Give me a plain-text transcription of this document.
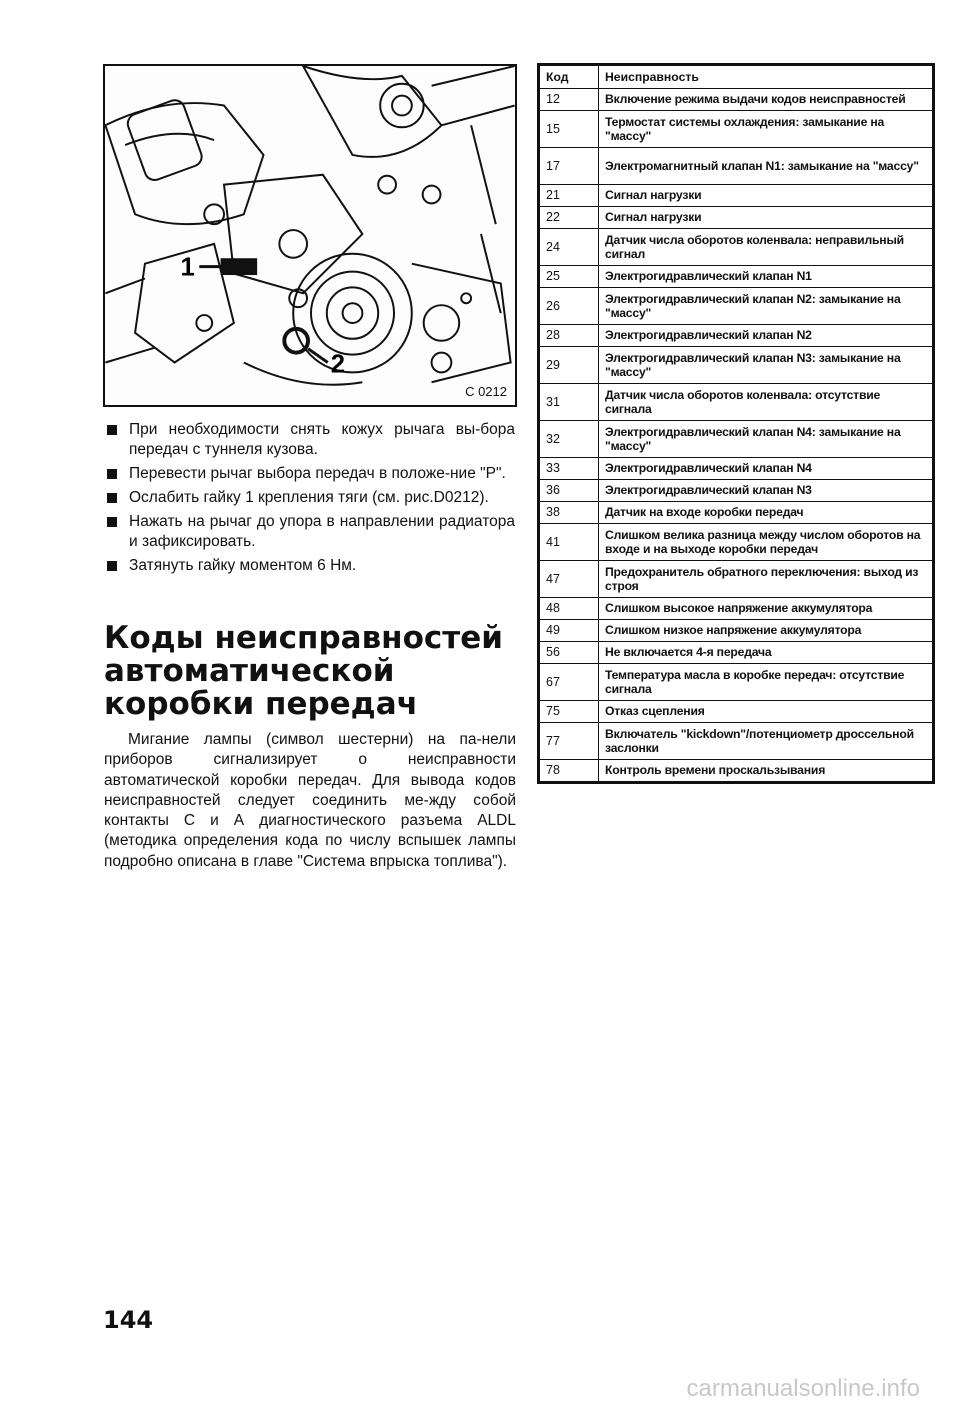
1
2
C 0212
При необходимости снять кожух рычага вы-бора передач с туннеля кузова.
Перевести рычаг выбора передач в положе-ние "P".
Ослабить гайку 1 крепления тяги (см. рис.D0212).
Нажать на рычаг до упора в направлении радиатора и зафиксировать.
Затянуть гайку моментом 6 Нм.
Коды неисправностей
автоматической
коробки передач

Мигание лампы (символ шестерни) на па-нели приборов сигнализирует о неисправности автоматической коробки передач. Для вывода кодов неисправностей следует соединить ме-жду собой контакты С и А диагностического разъема ALDL (методика определения кода по числу вспышек лампы подробно описана в главе "Система впрыска топлива").

144
Код	Неисправность
12	Включение режима выдачи кодов неисправностей
15	Термостат системы охлаждения: замыкание на "массу"
17	Электромагнитный клапан N1: замыкание на "массу"
21	Сигнал нагрузки
22	Сигнал нагрузки
24	Датчик числа оборотов коленвала: неправильный сигнал
25	Электрогидравлический клапан N1
26	Электрогидравлический клапан N2: замыкание на "массу"
28	Электрогидравлический клапан N2
29	Электрогидравлический клапан N3: замыкание на "массу"
31	Датчик числа оборотов коленвала: отсутствие сигнала
32	Электрогидравлический клапан N4: замыкание на "массу"
33	Электрогидравлический клапан N4
36	Электрогидравлический клапан N3
38	Датчик на входе коробки передач
41	Слишком велика разница между числом оборотов на входе и на выходе коробки передач
47	Предохранитель обратного переключения: выход из строя
48	Слишком высокое напряжение аккумулятора
49	Слишком низкое напряжение аккумулятора
56	Не включается 4-я передача
67	Температура масла в коробке передач: отсутствие сигнала
75	Отказ сцепления
77	Включатель "kickdown"/потенциометр дроссельной заслонки
78	Контроль времени проскальзывания
carmanualsonline.info
